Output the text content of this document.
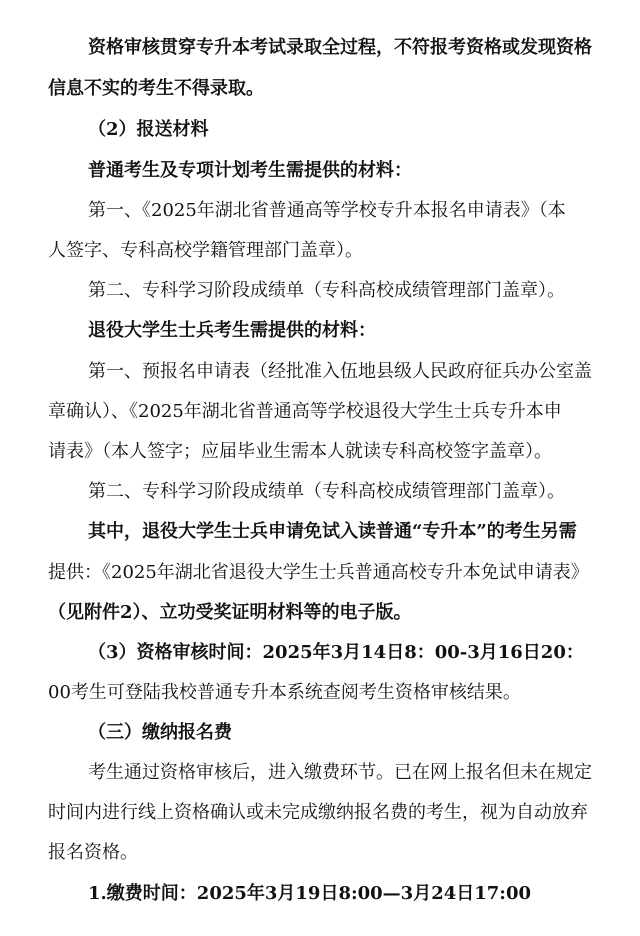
资格审核贯穿专升本考试录取全过程，不符报考资格或发现资格
信息不实的考生不得录取。
（2）报送材料
普通考生及专项计划考生需提供的材料：
第一、《2025年湖北省普通高等学校专升本报名申请表》（本
人签字、专科高校学籍管理部门盖章）。
第二、专科学习阶段成绩单（专科高校成绩管理部门盖章）。
退役大学生士兵考生需提供的材料：
第一、预报名申请表（经批准入伍地县级人民政府征兵办公室盖
章确认）、《2025年湖北省普通高等学校退役大学生士兵专升本申
请表》（本人签字；应届毕业生需本人就读专科高校签字盖章）。
第二、专科学习阶段成绩单（专科高校成绩管理部门盖章）。
其中，退役大学生士兵申请免试入读普通“专升本”的考生另需
提供：《2025年湖北省退役大学生士兵普通高校专升本免试申请表》
（见附件2）、立功受奖证明材料等的电子版。
（3）资格审核时间：2025年3月14日8：00-3月16日20：
00考生可登陆我校普通专升本系统查阅考生资格审核结果。
（三）缴纳报名费
考生通过资格审核后，进入缴费环节。已在网上报名但未在规定
时间内进行线上资格确认或未完成缴纳报名费的考生，视为自动放弃
报名资格。
1.缴费时间：2025年3月19日8:00—3月24日17:00
